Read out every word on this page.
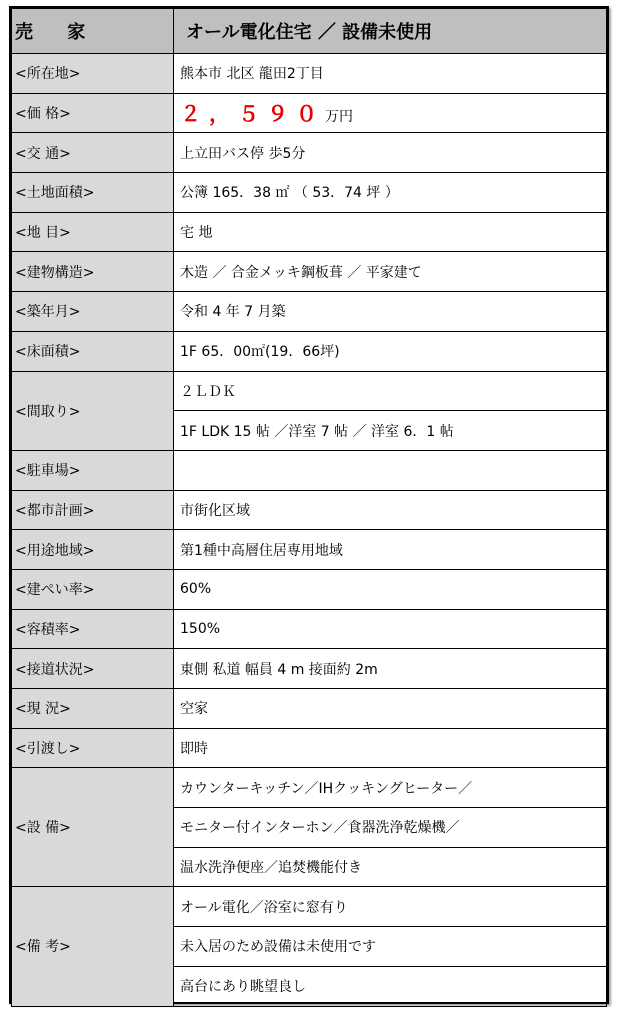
売 家	オール電化住宅 ／ 設備未使用
<所在地>	熊本市 北区 龍田2丁目
<価 格>	２，５９０万円
<交 通>	上立田バス停 歩5分
<土地面積>	公簿 165．38 ㎡ （ 53．74 坪 ）
<地 目>	宅 地
<建物構造>	木造 ／ 合金メッキ鋼板葺 ／ 平家建て
<築年月>	令和 4 年 7 月築
<床面積>	1F 65．00㎡(19．66坪)
<間取り>	２ＬＤＫ
	1F LDK 15 帖 ／洋室 7 帖 ／ 洋室 6．1 帖
<駐車場>	
<都市計画>	市街化区域
<用途地域>	第1種中高層住居専用地域
<建ぺい率>	60%
<容積率>	150%
<接道状況>	東側 私道 幅員 4 m 接面約 2m
<現 況>	空家
<引渡し>	即時
<設 備>	カウンターキッチン／IHクッキングヒーター／
	モニター付インターホン／食器洗浄乾燥機／
	温水洗浄便座／追焚機能付き
<備 考>	オール電化／浴室に窓有り
	未入居のため設備は未使用です
	高台にあり眺望良し
